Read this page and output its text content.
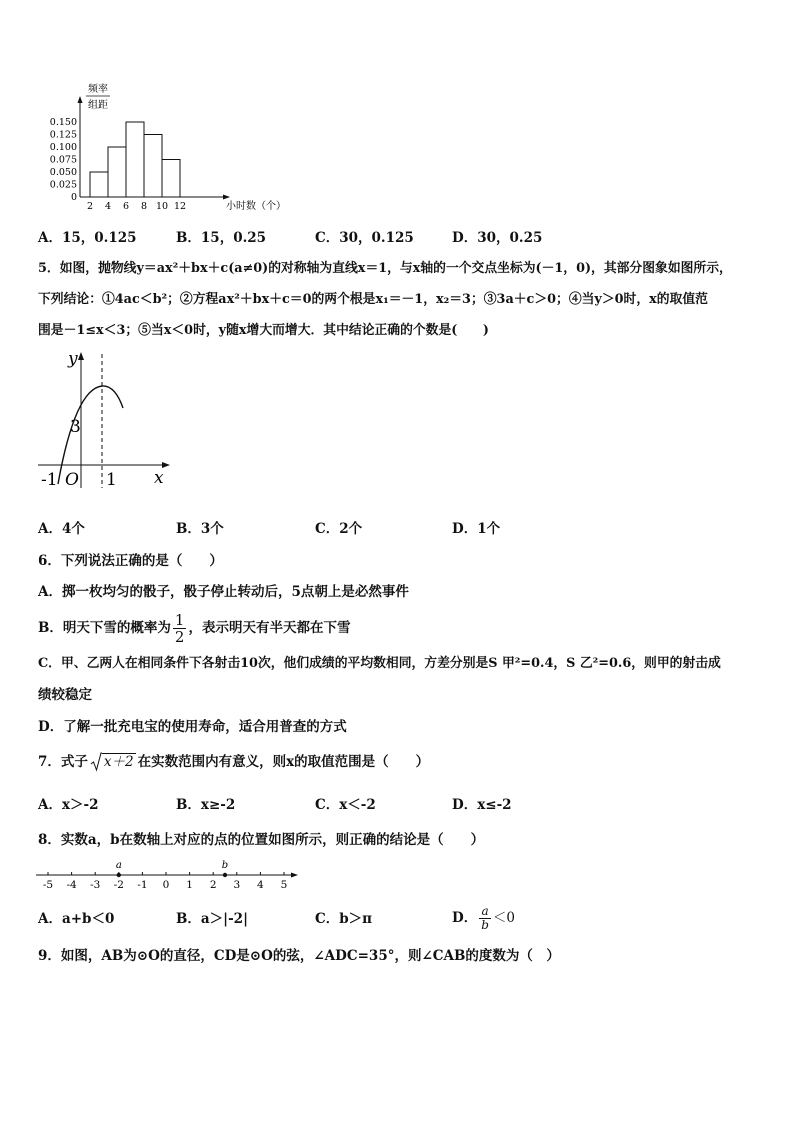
频率
组距
0
0.025
0.050
0.075
0.100
0.125
0.150
2 4 6 8 10 12	小时数（个）
A．15，0.125	B．15，0.25	C．30，0.125	D．30，0.25
5．如图，抛物线y＝ax²＋bx＋c(a≠0)的对称轴为直线x＝1，与x轴的一个交点坐标为(－1，0)，其部分图象如图所示，
下列结论：①4ac＜b²；②方程ax²＋bx＋c＝0的两个根是x₁＝－1，x₂＝3；③3a＋c＞0；④当y＞0时，x的取值范
围是－1≤x＜3；⑤当x＜0时，y随x增大而增大．其中结论正确的个数是(　　)
y
x
3
-1 O 1
A．4个	B．3个	C．2个	D．1个
6．下列说法正确的是（　　）
A．掷一枚均匀的骰子，骰子停止转动后，5点朝上是必然事件
B．明天下雪的概率为 $\frac{1}{2}$ ，表示明天有半天都在下雪
C．甲、乙两人在相同条件下各射击10次，他们成绩的平均数相同，方差分别是S 甲²=0.4，S 乙²=0.6，则甲的射击成
绩较稳定
D．了解一批充电宝的使用寿命，适合用普查的方式
7．式子	x＋2 在实数范围内有意义，则x的取值范围是（　　）
A．x＞-2	B．x≥-2	C．x＜-2	D．x≤-2
8．实数a，b在数轴上对应的点的位置如图所示，则正确的结论是（　　）
-5 -4 -3 -2 -1 0 1 2 3 4 5
a	b
A．a+b＜0	B．a＞|-2|	C．b＞π	D． $\frac{a}{b} <0$
9．如图，AB为⊙O的直径，CD是⊙O的弦，∠ADC=35°，则∠CAB的度数为（　）
